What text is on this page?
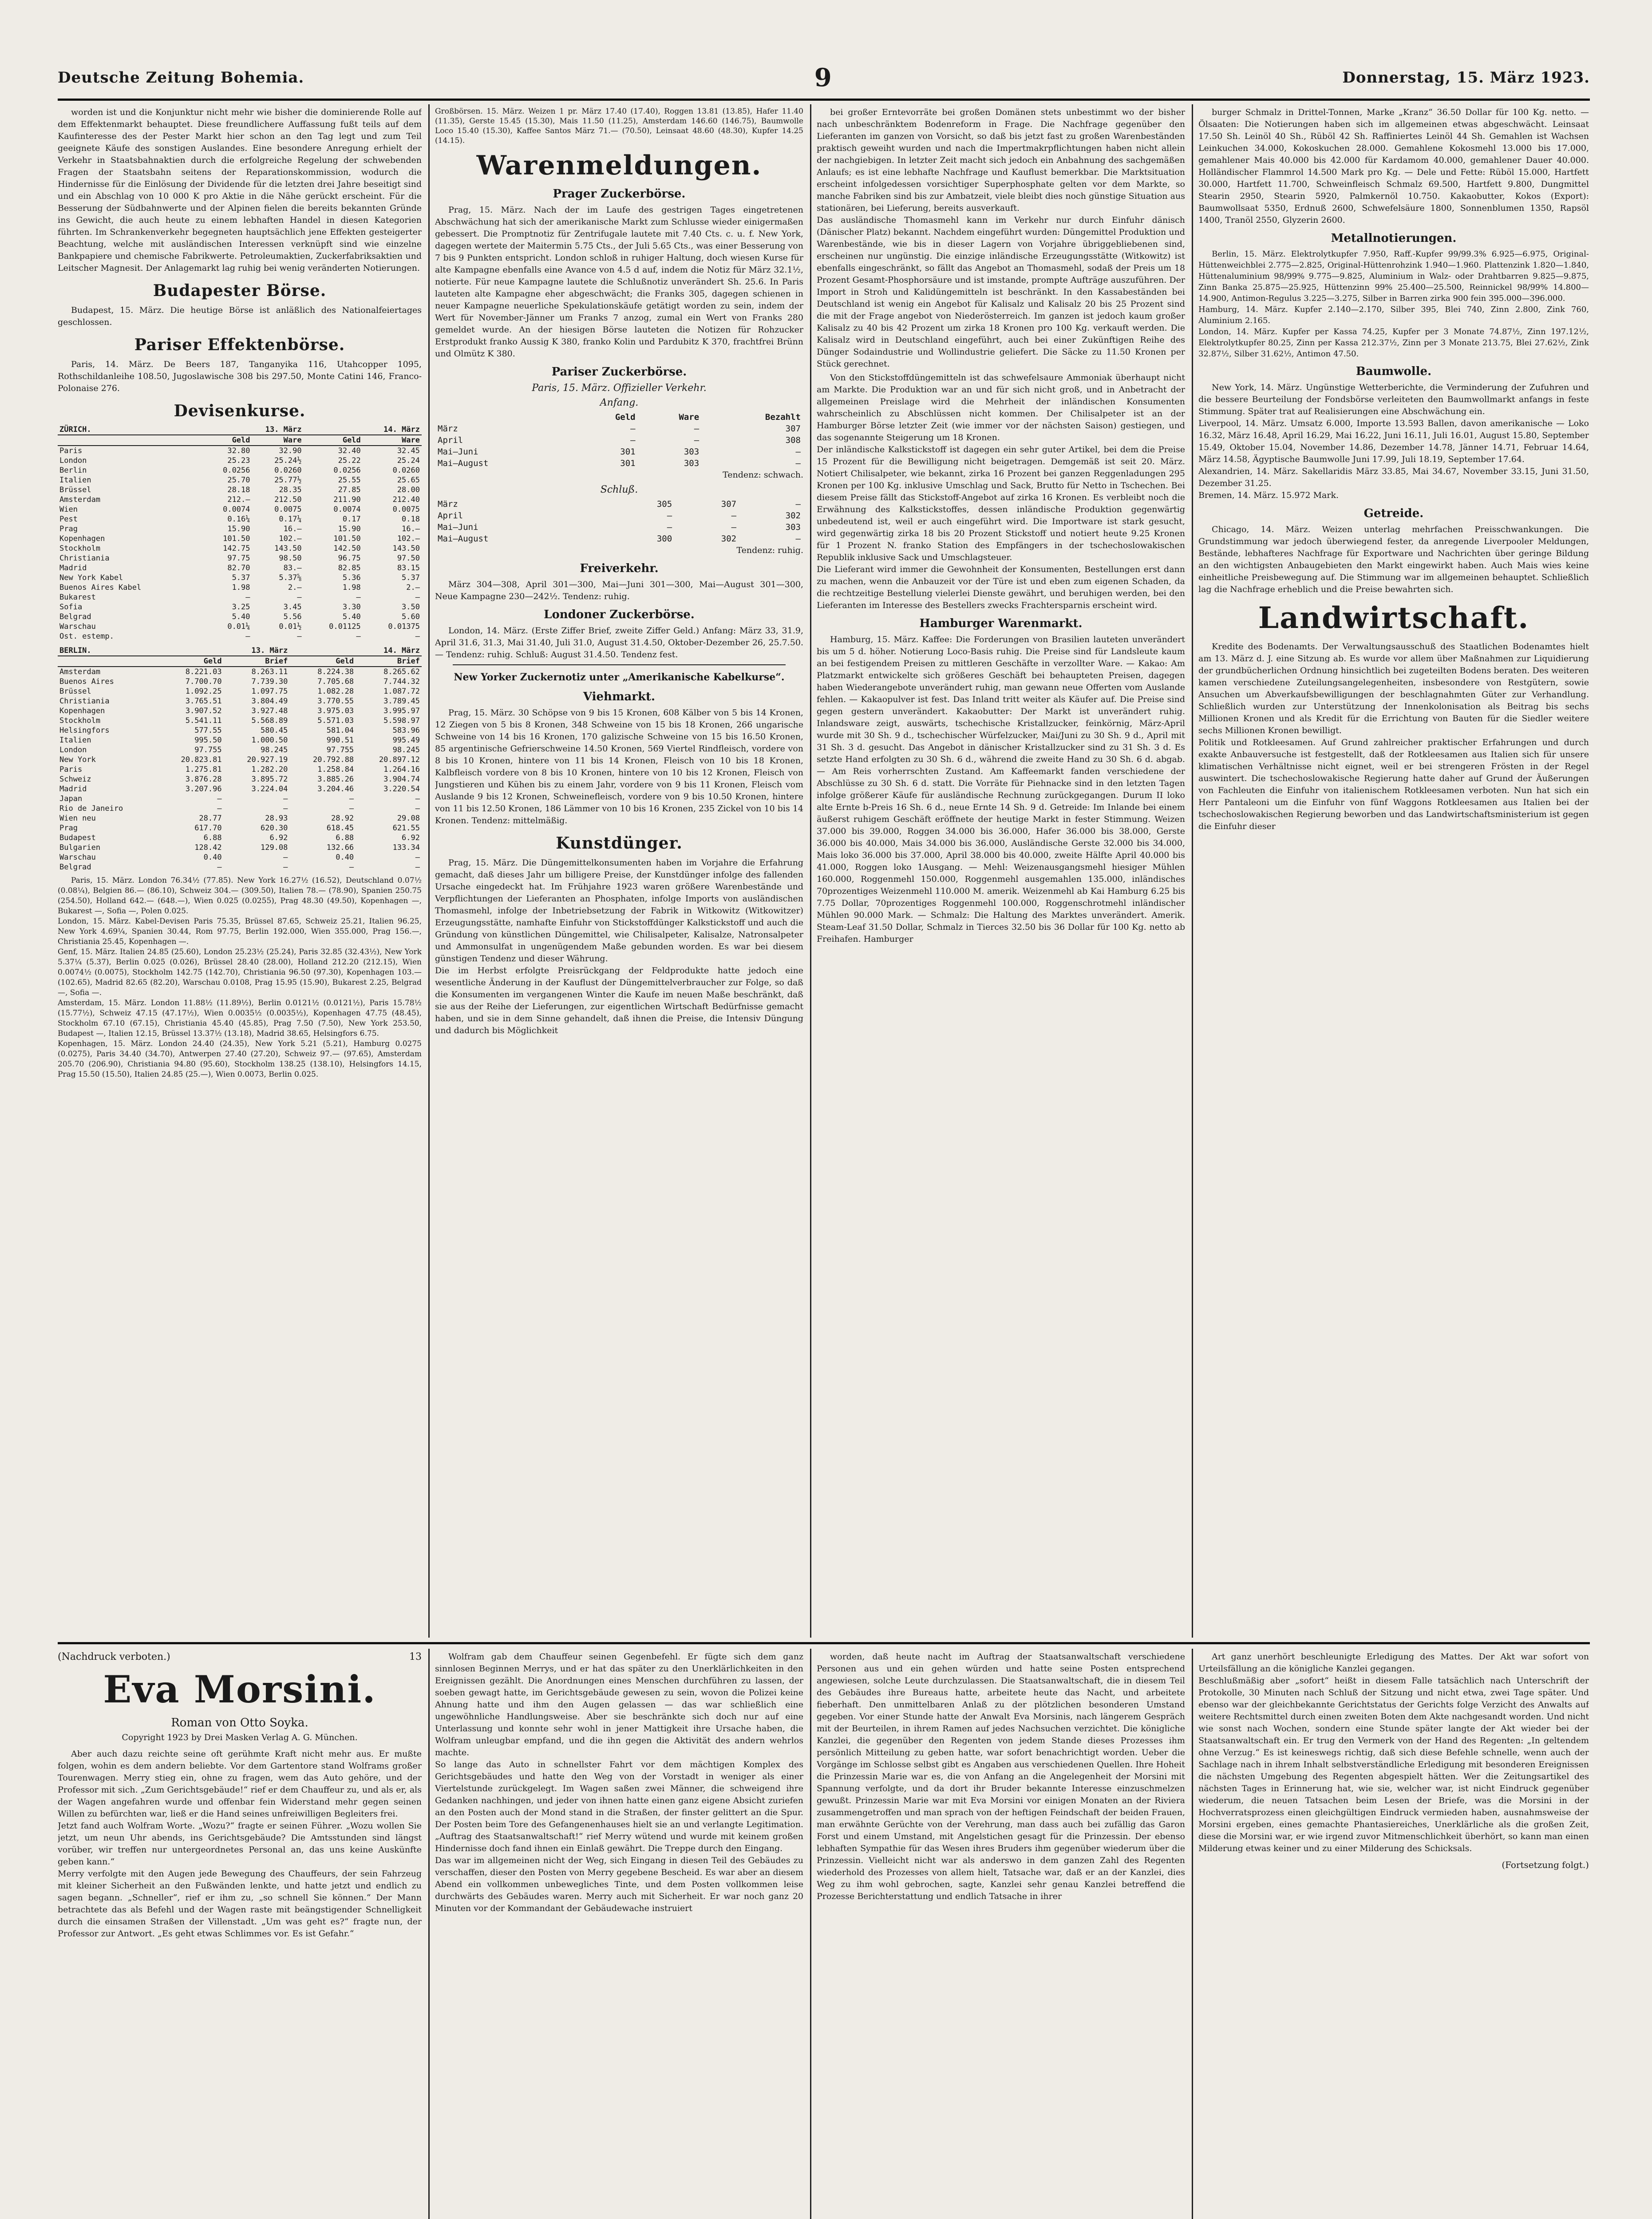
Deutsche Zeitung Bohemia.	9	Donnerstag, 15. März 1923.

worden ist und die Konjunktur nicht mehr wie bisher die dominierende Rolle auf dem Effektenmarkt behauptet. Diese freundlichere Auffassung fußt teils auf dem Kaufinteresse des der Pester Markt hier schon an den Tag legt und zum Teil geeignete Käufe des sonstigen Auslandes. Eine besondere Anregung erhielt der Verkehr in Staatsbahnaktien durch die erfolgreiche Regelung der schwebenden Fragen der Staatsbahn seitens der Reparationskommission, wodurch die Hindernisse für die Einlösung der Dividende für die letzten drei Jahre beseitigt sind und ein Abschlag von 10 000 K pro Aktie in die Nähe gerückt erscheint. Für die Besserung der Südbahnwerte und der Alpinen fielen die bereits bekannten Gründe ins Gewicht, die auch heute zu einem lebhaften Handel in diesen Kategorien führten. Im Schrankenverkehr begegneten hauptsächlich jene Effekten gesteigerter Beachtung, welche mit ausländischen Interessen verknüpft sind wie einzelne Bankpapiere und chemische Fabrikwerte. Petroleumaktien, Zuckerfabriksaktien und Leitscher Magnesit. Der Anlagemarkt lag ruhig bei wenig veränderten Notierungen.

Budapester Börse.

Budapest, 15. März. Die heutige Börse ist anläßlich des Nationalfeiertages geschlossen.

Pariser Effektenbörse.

Paris, 14. März. De Beers 187, Tanganyika 116, Utahcopper 1095, Rothschildanleihe 108.50, Jugoslawische 308 bis 297.50, Monte Catini 146, Franco-Polonaise 276.

Devisenkurse.
ZÜRICH.	13. März		14. März	
	Geld	Ware	Geld	Ware
Paris	32.80	32.90	32.40	32.45
London	25.23	25.24½	25.22	25.24
Berlin	0.0256	0.0260	0.0256	0.0260
Italien	25.70	25.77½	25.55	25.65
Brüssel	28.18	28.35	27.85	28.00
Amsterdam	212.—	212.50	211.90	212.40
Wien	0.0074	0.0075	0.0074	0.0075
Pest	0.16¼	0.17¼	0.17	0.18
Prag	15.90	16.—	15.90	16.—
Kopenhagen	101.50	102.—	101.50	102.—
Stockholm	142.75	143.50	142.50	143.50
Christiania	97.75	98.50	96.75	97.50
Madrid	82.70	83.—	82.85	83.15
New York Kabel	5.37	5.37⅝	5.36	5.37
Buenos Aires Kabel	1.98	2.—	1.98	2.—
Bukarest	—	—	—	—
Sofia	3.25	3.45	3.30	3.50
Belgrad	5.40	5.56	5.40	5.60
Warschau	0.01¼	0.01½	0.01125	0.01375
Ost. estemp.	—	—	—	—
BERLIN.	13. März		14. März	
	Geld	Brief	Geld	Brief
Amsterdam	8.221.03	8.263.11	8.224.38	8.265.62
Buenos Aires	7.700.70	7.739.30	7.705.68	7.744.32
Brüssel	1.092.25	1.097.75	1.082.28	1.087.72
Christiania	3.765.51	3.804.49	3.770.55	3.789.45
Kopenhagen	3.907.52	3.927.48	3.975.03	3.995.97
Stockholm	5.541.11	5.568.89	5.571.03	5.598.97
Helsingfors	577.55	580.45	581.04	583.96
Italien	995.50	1.000.50	990.51	995.49
London	97.755	98.245	97.755	98.245
New York	20.823.81	20.927.19	20.792.88	20.897.12
Paris	1.275.81	1.282.20	1.258.84	1.264.16
Schweiz	3.876.28	3.895.72	3.885.26	3.904.74
Madrid	3.207.96	3.224.04	3.204.46	3.220.54
Japan	—	—	—	—
Rio de Janeiro	—	—	—	—
Wien neu	28.77	28.93	28.92	29.08
Prag	617.70	620.30	618.45	621.55
Budapest	6.88	6.92	6.88	6.92
Bulgarien	128.42	129.08	132.66	133.34
Warschau	0.40	—	0.40	—
Belgrad	—	—	—	—

Paris, 15. März. London 76.34½ (77.85). New York 16.27½ (16.52), Deutschland 0.07½ (0.08¼), Belgien 86.— (86.10), Schweiz 304.— (309.50), Italien 78.— (78.90), Spanien 250.75 (254.50), Holland 642.— (648.—), Wien 0.025 (0.0255), Prag 48.30 (49.50), Kopenhagen —, Bukarest —, Sofia —, Polen 0.025.
London, 15. März. Kabel-Devisen Paris 75.35, Brüssel 87.65, Schweiz 25.21, Italien 96.25, New York 4.69¼, Spanien 30.44, Rom 97.75, Berlin 192.000, Wien 355.000, Prag 156.—, Christiania 25.45, Kopenhagen —.
Genf, 15. März. Italien 24.85 (25.60), London 25.23½ (25.24), Paris 32.85 (32.43½), New York 5.37¼ (5.37), Berlin 0.025 (0.026), Brüssel 28.40 (28.00), Holland 212.20 (212.15), Wien 0.0074½ (0.0075), Stockholm 142.75 (142.70), Christiania 96.50 (97.30), Kopenhagen 103.— (102.65), Madrid 82.65 (82.20), Warschau 0.0108, Prag 15.95 (15.90), Bukarest 2.25, Belgrad —, Sofia —.
Amsterdam, 15. März. London 11.88½ (11.89½), Berlin 0.0121½ (0.0121½), Paris 15.78½ (15.77½), Schweiz 47.15 (47.17½), Wien 0.0035½ (0.0035½), Kopenhagen 47.75 (48.45), Stockholm 67.10 (67.15), Christiania 45.40 (45.85), Prag 7.50 (7.50), New York 253.50, Budapest —, Italien 12.15, Brüssel 13.37½ (13.18), Madrid 38.65, Helsingfors 6.75.
Kopenhagen, 15. März. London 24.40 (24.35), New York 5.21 (5.21), Hamburg 0.0275 (0.0275), Paris 34.40 (34.70), Antwerpen 27.40 (27.20), Schweiz 97.— (97.65), Amsterdam 205.70 (206.90), Christiania 94.80 (95.60), Stockholm 138.25 (138.10), Helsingfors 14.15, Prag 15.50 (15.50), Italien 24.85 (25.—), Wien 0.0073, Berlin 0.025.

Großbörsen. 15. März. Weizen 1 pr. März 17.40 (17.40), Roggen 13.81 (13.85), Hafer 11.40 (11.35), Gerste 15.45 (15.30), Mais 11.50 (11.25), Amsterdam 146.60 (146.75), Baumwolle Loco 15.40 (15.30), Kaffee Santos März 71.— (70.50), Leinsaat 48.60 (48.30), Kupfer 14.25 (14.15).

Warenmeldungen.
Prager Zuckerbörse.

Prag, 15. März. Nach der im Laufe des gestrigen Tages eingetretenen Abschwächung hat sich der amerikanische Markt zum Schlusse wieder einigermaßen gebessert. Die Promptnotiz für Zentrifugale lautete mit 7.40 Cts. c. u. f. New York, dagegen wertete der Maitermin 5.75 Cts., der Juli 5.65 Cts., was einer Besserung von 7 bis 9 Punkten entspricht. London schloß in ruhiger Haltung, doch wiesen Kurse für alte Kampagne ebenfalls eine Avance von 4.5 d auf, indem die Notiz für März 32.1½, notierte. Für neue Kampagne lautete die Schlußnotiz unverändert Sh. 25.6. In Paris lauteten alte Kampagne eher abgeschwächt; die Franks 305, dagegen schienen in neuer Kampagne neuerliche Spekulationskäufe getätigt worden zu sein, indem der Wert für November-Jänner um Franks 7 anzog, zumal ein Wert von Franks 280 gemeldet wurde. An der hiesigen Börse lauteten die Notizen für Rohzucker Erstprodukt franko Aussig K 380, franko Kolin und Pardubitz K 370, frachtfrei Brünn und Olmütz K 380.

Pariser Zuckerbörse.
Paris, 15. März. Offizieller Verkehr.
Anfang.
	Geld	Ware	Bezahlt
März	—	—	307
April	—	—	308
Mai—Juni	301	303	—
Mai—August	301	303	—
Tendenz: schwach.
Schluß.
März	305	307	—
April	—	—	302
Mai—Juni	—	—	303
Mai—August	300	302	—
Tendenz: ruhig.
Freiverkehr.

März 304—308, April 301—300, Mai—Juni 301—300, Mai—August 301—300, Neue Kampagne 230—242½. Tendenz: ruhig.

Londoner Zuckerbörse.

London, 14. März. (Erste Ziffer Brief, zweite Ziffer Geld.) Anfang: März 33, 31.9, April 31.6, 31.3, Mai 31.40, Juli 31.0, August 31.4.50, Oktober-Dezember 26, 25.7.50. — Tendenz: ruhig. Schluß: August 31.4.50. Tendenz fest.

New Yorker Zuckernotiz unter „Amerikanische Kabelkurse“.
Viehmarkt.

Prag, 15. März. 30 Schöpse von 9 bis 15 Kronen, 608 Kälber von 5 bis 14 Kronen, 12 Ziegen von 5 bis 8 Kronen, 348 Schweine von 15 bis 18 Kronen, 266 ungarische Schweine von 14 bis 16 Kronen, 170 galizische Schweine von 15 bis 16.50 Kronen, 85 argentinische Gefrierschweine 14.50 Kronen, 569 Viertel Rindfleisch, vordere von 8 bis 10 Kronen, hintere von 11 bis 14 Kronen, Fleisch von 10 bis 18 Kronen, Kalbfleisch vordere von 8 bis 10 Kronen, hintere von 10 bis 12 Kronen, Fleisch von Jungstieren und Kühen bis zu einem Jahr, vordere von 9 bis 11 Kronen, Fleisch vom Auslande 9 bis 12 Kronen, Schweinefleisch, vordere von 9 bis 10.50 Kronen, hintere von 11 bis 12.50 Kronen, 186 Lämmer von 10 bis 16 Kronen, 235 Zickel von 10 bis 14 Kronen. Tendenz: mittelmäßig.

Kunstdünger.

Prag, 15. März. Die Düngemittelkonsumenten haben im Vorjahre die Erfahrung gemacht, daß dieses Jahr um billigere Preise, der Kunstdünger infolge des fallenden Ursache eingedeckt hat. Im Frühjahre 1923 waren größere Warenbestände und Verpflichtungen der Lieferanten an Phosphaten, infolge Imports von ausländischen Thomasmehl, infolge der Inbetriebsetzung der Fabrik in Witkowitz (Witkowitzer) Erzeugungsstätte, namhafte Einfuhr von Stickstoffdünger Kalkstickstoff und auch die Gründung von künstlichen Düngemittel, wie Chilisalpeter, Kalisalze, Natronsalpeter und Ammonsulfat in ungenügendem Maße gebunden worden. Es war bei diesem günstigen Tendenz und dieser Währung.
Die im Herbst erfolgte Preisrückgang der Feldprodukte hatte jedoch eine wesentliche Änderung in der Kauflust der Düngemittelverbraucher zur Folge, so daß die Konsumenten im vergangenen Winter die Kaufe im neuen Maße beschränkt, daß sie aus der Reihe der Lieferungen, zur eigentlichen Wirtschaft Bedürfnisse gemacht haben, und sie in dem Sinne gehandelt, daß ihnen die Preise, die Intensiv Düngung und dadurch bis Möglichkeit

bei großer Erntevorräte bei großen Domänen stets unbestimmt wo der bisher nach unbeschränktem Bodenreform in Frage. Die Nachfrage gegenüber den Lieferanten im ganzen von Vorsicht, so daß bis jetzt fast zu großen Warenbeständen praktisch geweiht wurden und nach die Impertmakrpflichtungen haben nicht allein der nachgiebigen. In letzter Zeit macht sich jedoch ein Anbahnung des sachgemäßen Anlaufs; es ist eine lebhafte Nachfrage und Kauflust bemerkbar. Die Marktsituation erscheint infolgedessen vorsichtiger Superphosphate gelten vor dem Markte, so manche Fabriken sind bis zur Ambatzeit, viele bleibt dies noch günstige Situation aus stationären, bei Lieferung, bereits ausverkauft.
Das ausländische Thomasmehl kann im Verkehr nur durch Einfuhr dänisch (Dänischer Platz) bekannt. Nachdem eingeführt wurden: Düngemittel Produktion und Warenbestände, wie bis in dieser Lagern von Vorjahre übriggebliebenen sind, erscheinen nur ungünstig. Die einzige inländische Erzeugungsstätte (Witkowitz) ist ebenfalls eingeschränkt, so fällt das Angebot an Thomasmehl, sodaß der Preis um 18 Prozent Gesamt-Phosphorsäure und ist imstande, prompte Aufträge auszuführen. Der Import in Stroh und Kalidüngemitteln ist beschränkt. In den Kassabeständen bei Deutschland ist wenig ein Angebot für Kalisalz und Kalisalz 20 bis 25 Prozent sind die mit der Frage angebot von Niederösterreich. Im ganzen ist jedoch kaum großer Kalisalz zu 40 bis 42 Prozent um zirka 18 Kronen pro 100 Kg. verkauft werden. Die Kalisalz wird in Deutschland eingeführt, auch bei einer Zukünftigen Reihe des Dünger Sodaindustrie und Wollindustrie geliefert. Die Säcke zu 11.50 Kronen per Stück gerechnet.

Von den Stickstoffdüngemitteln ist das schwefelsaure Ammoniak überhaupt nicht am Markte. Die Produktion war an und für sich nicht groß, und in Anbetracht der allgemeinen Preislage wird die Mehrheit der inländischen Konsumenten wahrscheinlich zu Abschlüssen nicht kommen. Der Chilisalpeter ist an der Hamburger Börse letzter Zeit (wie immer vor der nächsten Saison) gestiegen, und das sogenannte Steigerung um 18 Kronen.
Der inländische Kalkstickstoff ist dagegen ein sehr guter Artikel, bei dem die Preise 15 Prozent für die Bewilligung nicht beigetragen. Demgemäß ist seit 20. März. Notiert Chilisalpeter, wie bekannt, zirka 16 Prozent bei ganzen Reggenladungen 295 Kronen per 100 Kg. inklusive Umschlag und Sack, Brutto für Netto in Tschechen. Bei diesem Preise fällt das Stickstoff-Angebot auf zirka 16 Kronen. Es verbleibt noch die Erwähnung des Kalkstickstoffes, dessen inländische Produktion gegenwärtig unbedeutend ist, weil er auch eingeführt wird. Die Importware ist stark gesucht, wird gegenwärtig zirka 18 bis 20 Prozent Stickstoff und notiert heute 9.25 Kronen für 1 Prozent N. franko Station des Empfängers in der tschechoslowakischen Republik inklusive Sack und Umschlagsteuer.
Die Lieferant wird immer die Gewohnheit der Konsumenten, Bestellungen erst dann zu machen, wenn die Anbauzeit vor der Türe ist und eben zum eigenen Schaden, da die rechtzeitige Bestellung vielerlei Dienste gewährt, und beruhigen werden, bei den Lieferanten im Interesse des Bestellers zwecks Frachtersparnis erscheint wird.

Hamburger Warenmarkt.

Hamburg, 15. März. Kaffee: Die Forderungen von Brasilien lauteten unverändert bis um 5 d. höher. Notierung Loco-Basis ruhig. Die Preise sind für Landsleute kaum an bei festigendem Preisen zu mittleren Geschäfte in verzollter Ware. — Kakao: Am Platzmarkt entwickelte sich größeres Geschäft bei behaupteten Preisen, dagegen haben Wiederangebote unverändert ruhig, man gewann neue Offerten vom Auslande fehlen. — Kakaopulver ist fest. Das Inland tritt weiter als Käufer auf. Die Preise sind gegen gestern unverändert. Kakaobutter: Der Markt ist unverändert ruhig. Inlandsware zeigt, auswärts, tschechische Kristallzucker, feinkörnig, März-April wurde mit 30 Sh. 9 d., tschechischer Würfelzucker, Mai/Juni zu 30 Sh. 9 d., April mit 31 Sh. 3 d. gesucht. Das Angebot in dänischer Kristallzucker sind zu 31 Sh. 3 d. Es setzte Hand erfolgten zu 30 Sh. 6 d., während die zweite Hand zu 30 Sh. 6 d. abgab. — Am Reis vorherrschten Zustand. Am Kaffeemarkt fanden verschiedene der Abschlüsse zu 30 Sh. 6 d. statt. Die Vorräte für Piehnacke sind in den letzten Tagen infolge größerer Käufe für ausländische Rechnung zurückgegangen. Durum II loko alte Ernte b-Preis 16 Sh. 6 d., neue Ernte 14 Sh. 9 d. Getreide: Im Inlande bei einem äußerst ruhigem Geschäft eröffnete der heutige Markt in fester Stimmung. Weizen 37.000 bis 39.000, Roggen 34.000 bis 36.000, Hafer 36.000 bis 38.000, Gerste 36.000 bis 40.000, Mais 34.000 bis 36.000, Ausländische Gerste 32.000 bis 34.000, Mais loko 36.000 bis 37.000, April 38.000 bis 40.000, zweite Hälfte April 40.000 bis 41.000, Roggen loko 1Ausgang. — Mehl: Weizenausgangsmehl hiesiger Mühlen 160.000, Roggenmehl 150.000, Roggenmehl ausgemahlen 135.000, inländisches 70prozentiges Weizenmehl 110.000 M. amerik. Weizenmehl ab Kai Hamburg 6.25 bis 7.75 Dollar, 70prozentiges Roggenmehl 100.000, Roggenschrotmehl inländischer Mühlen 90.000 Mark. — Schmalz: Die Haltung des Marktes unverändert. Amerik. Steam-Leaf 31.50 Dollar, Schmalz in Tierces 32.50 bis 36 Dollar für 100 Kg. netto ab Freihafen. Hamburger

burger Schmalz in Drittel-Tonnen, Marke „Kranz“ 36.50 Dollar für 100 Kg. netto. — Ölsaaten: Die Notierungen haben sich im allgemeinen etwas abgeschwächt. Leinsaat 17.50 Sh. Leinöl 40 Sh., Rüböl 42 Sh. Raffiniertes Leinöl 44 Sh. Gemahlen ist Wachsen Leinkuchen 34.000, Kokoskuchen 28.000. Gemahlene Kokosmehl 13.000 bis 17.000, gemahlener Mais 40.000 bis 42.000 für Kardamom 40.000, gemahlener Dauer 40.000. Holländischer Flammrol 14.500 Mark pro Kg. — Dele und Fette: Rüböl 15.000, Hartfett 30.000, Hartfett 11.700, Schweinfleisch Schmalz 69.500, Hartfett 9.800, Dungmittel Stearin 2950, Stearin 5920, Palmkernöl 10.750. Kakaobutter, Kokos (Export): Baumwollsaat 5350, Erdnuß 2600, Schwefelsäure 1800, Sonnenblumen 1350, Rapsöl 1400, Tranöl 2550, Glyzerin 2600.

Metallnotierungen.

Berlin, 15. März. Elektrolytkupfer 7.950, Raff.-Kupfer 99/99.3% 6.925—6.975, Original-Hüttenweichblei 2.775—2.825, Original-Hüttenrohzink 1.940—1.960. Plattenzink 1.820—1.840, Hüttenaluminium 98/99% 9.775—9.825, Aluminium in Walz- oder Drahtbarren 9.825—9.875, Zinn Banka 25.875—25.925, Hüttenzinn 99% 25.400—25.500, Reinnickel 98/99% 14.800—14.900, Antimon-Regulus 3.225—3.275, Silber in Barren zirka 900 fein 395.000—396.000.
Hamburg, 14. März. Kupfer 2.140—2.170, Silber 395, Blei 740, Zinn 2.800, Zink 760, Aluminium 2.165.
London, 14. März. Kupfer per Kassa 74.25, Kupfer per 3 Monate 74.87½, Zinn 197.12½, Elektrolytkupfer 80.25, Zinn per Kassa 212.37½, Zinn per 3 Monate 213.75, Blei 27.62½, Zink 32.87½, Silber 31.62½, Antimon 47.50.

Baumwolle.

New York, 14. März. Ungünstige Wetterberichte, die Verminderung der Zufuhren und die bessere Beurteilung der Fondsbörse verleiteten den Baumwollmarkt anfangs in feste Stimmung. Später trat auf Realisierungen eine Abschwächung ein.
Liverpool, 14. März. Umsatz 6.000, Importe 13.593 Ballen, davon amerikanische — Loko 16.32, März 16.48, April 16.29, Mai 16.22, Juni 16.11, Juli 16.01, August 15.80, September 15.49, Oktober 15.04, November 14.86, Dezember 14.78, Jänner 14.71, Februar 14.64, März 14.58, Ägyptische Baumwolle Juni 17.99, Juli 18.19, September 17.64.
Alexandrien, 14. März. Sakellaridis März 33.85, Mai 34.67, November 33.15, Juni 31.50, Dezember 31.25.
Bremen, 14. März. 15.972 Mark.

Getreide.

Chicago, 14. März. Weizen unterlag mehrfachen Preisschwankungen. Die Grundstimmung war jedoch überwiegend fester, da anregende Liverpooler Meldungen, Bestände, lebhafteres Nachfrage für Exportware und Nachrichten über geringe Bildung an den wichtigsten Anbaugebieten den Markt eingewirkt haben. Auch Mais wies keine einheitliche Preisbewegung auf. Die Stimmung war im allgemeinen behauptet. Schließlich lag die Nachfrage erheblich und die Preise bewahrten sich.

Landwirtschaft.

Kredite des Bodenamts. Der Verwaltungsausschuß des Staatlichen Bodenamtes hielt am 13. März d. J. eine Sitzung ab. Es wurde vor allem über Maßnahmen zur Liquidierung der grundbücherlichen Ordnung hinsichtlich bei zugeteilten Bodens beraten. Des weiteren kamen verschiedene Zuteilungsangelegenheiten, insbesondere von Restgütern, sowie Ansuchen um Abverkaufsbewilligungen der beschlagnahmten Güter zur Verhandlung. Schließlich wurden zur Unterstützung der Innenkolonisation als Beitrag bis sechs Millionen Kronen und als Kredit für die Errichtung von Bauten für die Siedler weitere sechs Millionen Kronen bewilligt.
Politik und Rotkleesamen. Auf Grund zahlreicher praktischer Erfahrungen und durch exakte Anbauversuche ist festgestellt, daß der Rotkleesamen aus Italien sich für unsere klimatischen Verhältnisse nicht eignet, weil er bei strengeren Frösten in der Regel auswintert. Die tschechoslowakische Regierung hatte daher auf Grund der Äußerungen von Fachleuten die Einfuhr von italienischem Rotkleesamen verboten. Nun hat sich ein Herr Pantaleoni um die Einfuhr von fünf Waggons Rotkleesamen aus Italien bei der tschechoslowakischen Regierung beworben und das Landwirtschaftsministerium ist gegen die Einfuhr dieser

(Nachdruck verboten.)	13
Eva Morsini.
Roman von Otto Soyka.
Copyright 1923 by Drei Masken Verlag A. G. München.

Aber auch dazu reichte seine oft gerühmte Kraft nicht mehr aus. Er mußte folgen, wohin es dem andern beliebte. Vor dem Gartentore stand Wolframs großer Tourenwagen. Merry stieg ein, ohne zu fragen, wem das Auto gehöre, und der Professor mit sich. „Zum Gerichtsgebäude!“ rief er dem Chauffeur zu, und als er, als der Wagen angefahren wurde und offenbar fein Widerstand mehr gegen seinen Willen zu befürchten war, ließ er die Hand seines unfreiwilligen Begleiters frei.
Jetzt fand auch Wolfram Worte. „Wozu?“ fragte er seinen Führer. „Wozu wollen Sie jetzt, um neun Uhr abends, ins Gerichtsgebäude? Die Amtsstunden sind längst vorüber, wir treffen nur untergeordnetes Personal an, das uns keine Auskünfte geben kann.“
Merry verfolgte mit den Augen jede Bewegung des Chauffeurs, der sein Fahrzeug mit kleiner Sicherheit an den Fußwänden lenkte, und hatte jetzt und endlich zu sagen begann. „Schneller“, rief er ihm zu, „so schnell Sie können.“ Der Mann betrachtete das als Befehl und der Wagen raste mit beängstigender Schnelligkeit durch die einsamen Straßen der Villenstadt. „Um was geht es?“ fragte nun, der Professor zur Antwort. „Es geht etwas Schlimmes vor. Es ist Gefahr.“

Wolfram gab dem Chauffeur seinen Gegenbefehl. Er fügte sich dem ganz sinnlosen Beginnen Merrys, und er hat das später zu den Unerklärlichkeiten in den Ereignissen gezählt. Die Anordnungen eines Menschen durchführen zu lassen, der soeben gewagt hatte, im Gerichtsgebäude gewesen zu sein, wovon die Polizei keine Ahnung hatte und ihm den Augen gelassen — das war schließlich eine ungewöhnliche Handlungsweise. Aber sie beschränkte sich doch nur auf eine Unterlassung und konnte sehr wohl in jener Mattigkeit ihre Ursache haben, die Wolfram unleugbar empfand, und die ihn gegen die Aktivität des andern wehrlos machte.
So lange das Auto in schnellster Fahrt vor dem mächtigen Komplex des Gerichtsgebäudes und hatte den Weg von der Vorstadt in weniger als einer Viertelstunde zurückgelegt. Im Wagen saßen zwei Männer, die schweigend ihre Gedanken nachhingen, und jeder von ihnen hatte einen ganz eigene Absicht zuriefen an den Posten auch der Mond stand in die Straßen, der finster gelittert an die Spur. Der Posten beim Tore des Gefangenenhauses hielt sie an und verlangte Legitimation. „Auftrag des Staatsanwaltschaft!“ rief Merry wütend und wurde mit keinem großen Hindernisse doch fand ihnen ein Einlaß gewährt. Die Treppe durch den Eingang.
Das war im allgemeinen nicht der Weg, sich Eingang in diesen Teil des Gebäudes zu verschaffen, dieser den Posten von Merry gegebene Bescheid. Es war aber an diesem Abend ein vollkommen unbewegliches Tinte, und dem Posten vollkommen leise durchwärts des Gebäudes waren. Merry auch mit Sicherheit. Er war noch ganz 20 Minuten vor der Kommandant der Gebäudewache instruiert

worden, daß heute nacht im Auftrag der Staatsanwaltschaft verschiedene Personen aus und ein gehen würden und hatte seine Posten entsprechend angewiesen, solche Leute durchzulassen. Die Staatsanwaltschaft, die in diesem Teil des Gebäudes ihre Bureaus hatte, arbeitete heute das Nacht, und arbeitete fieberhaft. Den unmittelbaren Anlaß zu der plötzlichen besonderen Umstand gegeben. Vor einer Stunde hatte der Anwalt Eva Morsinis, nach längerem Gespräch mit der Beurteilen, in ihrem Ramen auf jedes Nachsuchen verzichtet. Die königliche Kanzlei, die gegenüber den Regenten von jedem Stande dieses Prozesses ihm persönlich Mitteilung zu geben hatte, war sofort benachrichtigt worden. Ueber die Vorgänge im Schlosse selbst gibt es Angaben aus verschiedenen Quellen. Ihre Hoheit die Prinzessin Marie war es, die von Anfang an die Angelegenheit der Morsini mit Spannung verfolgte, und da dort ihr Bruder bekannte Interesse einzuschmelzen gewußt. Prinzessin Marie war mit Eva Morsini vor einigen Monaten an der Riviera zusammengetroffen und man sprach von der heftigen Feindschaft der beiden Frauen, man erwähnte Gerüchte von der Verehrung, man dass auch bei zufällig das Garon Forst und einem Umstand, mit Angelstichen gesagt für die Prinzessin. Der ebenso lebhaften Sympathie für das Wesen ihres Bruders ihm gegenüber wiederum über die Prinzessin. Vielleicht nicht war als anderswo in dem ganzen Zahl des Regenten wiederhold des Prozesses von allem hielt, Tatsache war, daß er an der Kanzlei, dies Weg zu ihm wohl gebrochen, sagte, Kanzlei sehr genau Kanzlei betreffend die Prozesse Berichterstattung und endlich Tatsache in ihrer

Art ganz unerhört beschleunigte Erledigung des Mattes. Der Akt war sofort von Urteilsfällung an die königliche Kanzlei gegangen.
Beschlußmäßig aber „sofort“ heißt in diesem Falle tatsächlich nach Unterschrift der Protokolle, 30 Minuten nach Schluß der Sitzung und nicht etwa, zwei Tage später. Und ebenso war der gleichbekannte Gerichtstatus der Gerichts folge Verzicht des Anwalts auf weitere Rechtsmittel durch einen zweiten Boten dem Akte nachgesandt worden. Und nicht wie sonst nach Wochen, sondern eine Stunde später langte der Akt wieder bei der Staatsanwaltschaft ein. Er trug den Vermerk von der Hand des Regenten: „In geltendem ohne Verzug.“ Es ist keineswegs richtig, daß sich diese Befehle schnelle, wenn auch der Sachlage nach in ihrem Inhalt selbstverständliche Erledigung mit besonderen Ereignissen die nächsten Umgebung des Regenten abgespielt hätten. Wer die Zeitungsartikel des nächsten Tages in Erinnerung hat, wie sie, welcher war, ist nicht Eindruck gegenüber wiederum, die neuen Tatsachen beim Lesen der Briefe, was die Morsini in der Hochverratsprozess einen gleichgültigen Eindruck vermieden haben, ausnahmsweise der Morsini ergeben, eines gemachte Phantasiereiches, Unerklärliche als die großen Zeit, diese die Morsini war, er wie irgend zuvor Mitmenschlichkeit überhört, so kann man einen Milderung etwas keiner und zu einer Milderung des Schicksals.

(Fortsetzung folgt.)
